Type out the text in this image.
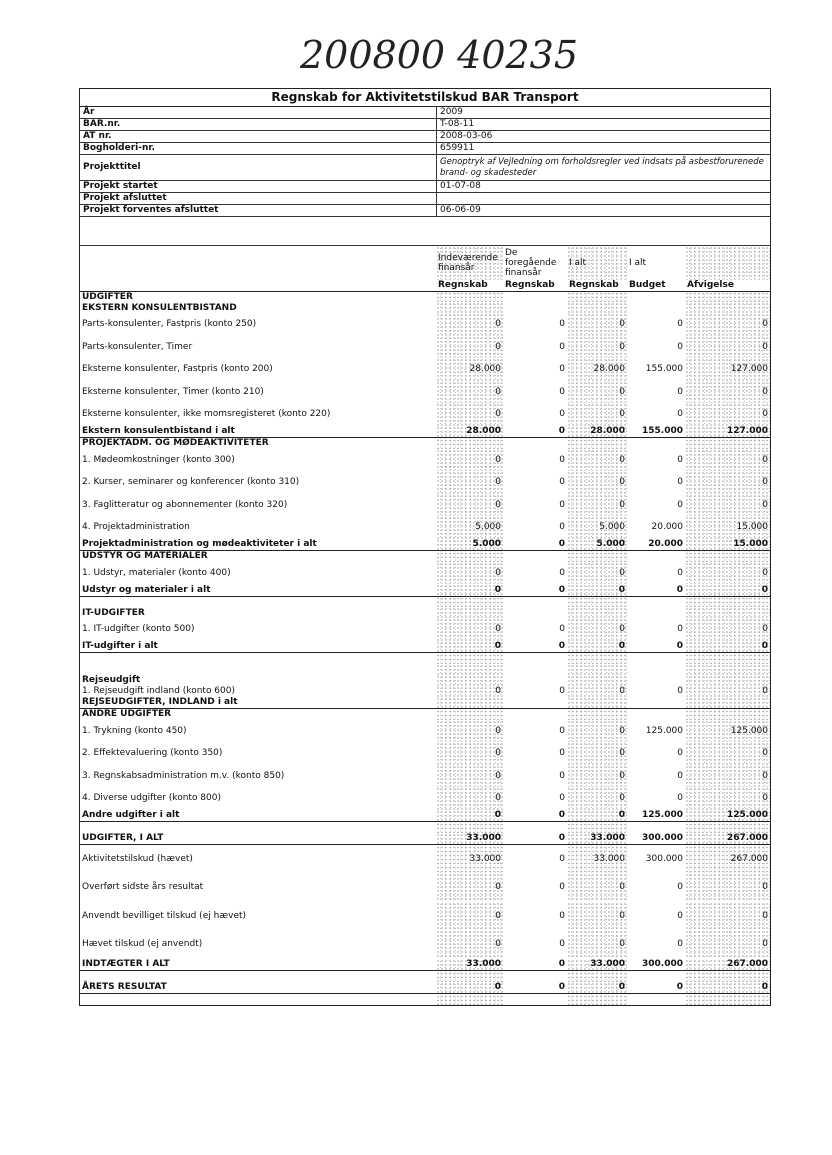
200800 40235
Regnskab for Aktivitetstilskud BAR Transport
År	2009
BAR.nr.	T-08-11
AT nr.	2008-03-06
Bogholderi-nr.	659911
Projekttitel	Genoptryk af Vejledning om forholdsregler ved indsats på asbestforurenede brand- og skadesteder
Projekt startet	01-07-08
Projekt afsluttet	
Projekt forventes afsluttet	06-06-09
	Indeværende finansår	De foregående finansår	I alt	I alt	
	Regnskab	Regnskab	Regnskab	Budget	Afvigelse
UDGIFTER					
EKSTERN KONSULENTBISTAND					
Parts-konsulenter, Fastpris (konto 250)	0	0	0	0	0
Parts-konsulenter, Timer	0	0	0	0	0
Eksterne konsulenter, Fastpris (konto 200)	28.000	0	28.000	155.000	127.000
Eksterne konsulenter, Timer (konto 210)	0	0	0	0	0
Eksterne konsulenter, ikke momsregisteret (konto 220)	0	0	0	0	0
Ekstern konsulentbistand i alt	28.000	0	28.000	155.000	127.000
PROJEKTADM. OG MØDEAKTIVITETER					
1. Mødeomkostninger (konto 300)	0	0	0	0	0
2. Kurser, seminarer og konferencer (konto 310)	0	0	0	0	0
3. Faglitteratur og abonnementer (konto 320)	0	0	0	0	0
4. Projektadministration	5.000	0	5.000	20.000	15.000
Projektadministration og mødeaktiviteter i alt	5.000	0	5.000	20.000	15.000
UDSTYR OG MATERIALER					
1. Udstyr, materialer (konto 400)	0	0	0	0	0
Udstyr og materialer i alt	0	0	0	0	0

IT-UDGIFTER					
1. IT-udgifter (konto 500)	0	0	0	0	0
IT-udgifter i alt	0	0	0	0	0

Rejseudgift					
1. Rejseudgift indland (konto 600)	0	0	0	0	0
REJSEUDGIFTER, INDLAND i alt					
ANDRE UDGIFTER					
1. Trykning (konto 450)	0	0	0	125.000	125.000
2. Effektevaluering (konto 350)	0	0	0	0	0
3. Regnskabsadministration m.v. (konto 850)	0	0	0	0	0
4. Diverse udgifter (konto 800)	0	0	0	0	0
Andre udgifter i alt	0	0	0	125.000	125.000

UDGIFTER, I ALT	33.000	0	33.000	300.000	267.000
Aktivitetstilskud (hævet)	33.000	0	33.000	300.000	267.000
Overført sidste års resultat	0	0	0	0	0
Anvendt bevilliget tilskud (ej hævet)	0	0	0	0	0
Hævet tilskud (ej anvendt)	0	0	0	0	0
INDTÆGTER I ALT	33.000	0	33.000	300.000	267.000

ÅRETS RESULTAT	0	0	0	0	0
